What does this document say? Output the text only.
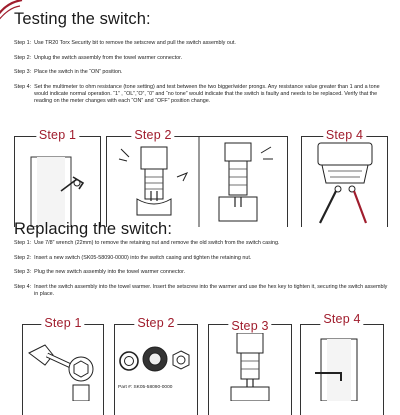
Testing the switch:
Step 1: Use TR20 Torx Security bit to remove the setscrew and pull the switch assembly out.
Step 2: Unplug the switch assembly from the towel warmer connector.
Step 3: Place the switch in the “ON” position.
Step 4: Set the multimeter to ohm resistance (tone setting) and test between the two bigger/wider prongs. Any resistance value greater than 1 and a tone would indicate normal operation. “1” , “OL”,“O”, “0” and “no tone” would indicate that the switch is faulty and needs to be replaced. Verify that the reading on the meter changes with each “ON” and “OFF” position change.
Step 1	Step 2	Step 4
Replacing the switch:
Step 1: Use 7/8” wrench (22mm) to remove the retaining nut and remove the old switch from the switch casing.
Step 2: Insert a new switch (SK05-58090-0000) into the switch casing and tighten the retaining nut.
Step 3: Plug the new switch assembly into the towel warmer connector.
Step 4: Insert the switch assembly into the towel warmer. Insert the setscrew into the warmer and use the hex key to tighten it, securing the switch assembly in place.
Step 1	Step 2	Step 3	Step 4
Part #: SK05-58090-0000
